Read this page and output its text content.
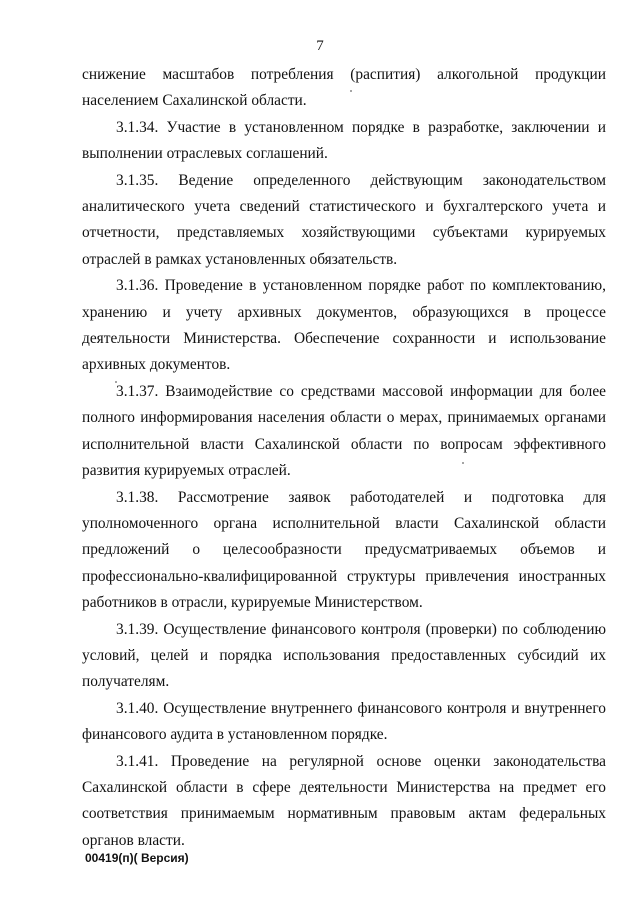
7

снижение масштабов потребления (распития) алкогольной продукции населением Сахалинской области.

3.1.34. Участие в установленном порядке в разработке, заключении и выполнении отраслевых соглашений.

3.1.35. Ведение определенного действующим законодательством аналитического учета сведений статистического и бухгалтерского учета и отчетности, представляемых хозяйствующими субъектами курируемых отраслей в рамках установленных обязательств.

3.1.36. Проведение в установленном порядке работ по комплектованию, хранению и учету архивных документов, образующихся в процессе деятельности Министерства. Обеспечение сохранности и использование архивных документов.

3.1.37. Взаимодействие со средствами массовой информации для более полного информирования населения области о мерах, принимаемых органами исполнительной власти Сахалинской области по вопросам эффективного развития курируемых отраслей.

3.1.38. Рассмотрение заявок работодателей и подготовка для уполномоченного органа исполнительной власти Сахалинской области предложений о целесообразности предусматриваемых объемов и профессионально-квалифицированной структуры привлечения иностранных работников в отрасли, курируемые Министерством.

3.1.39. Осуществление финансового контроля (проверки) по соблюдению условий, целей и порядка использования предоставленных субсидий их получателям.

3.1.40. Осуществление внутреннего финансового контроля и внутреннего финансового аудита в установленном порядке.

3.1.41. Проведение на регулярной основе оценки законодательства Сахалинской области в сфере деятельности Министерства на предмет его соответствия принимаемым нормативным правовым актам федеральных органов власти.

00419(п)( Версия)
